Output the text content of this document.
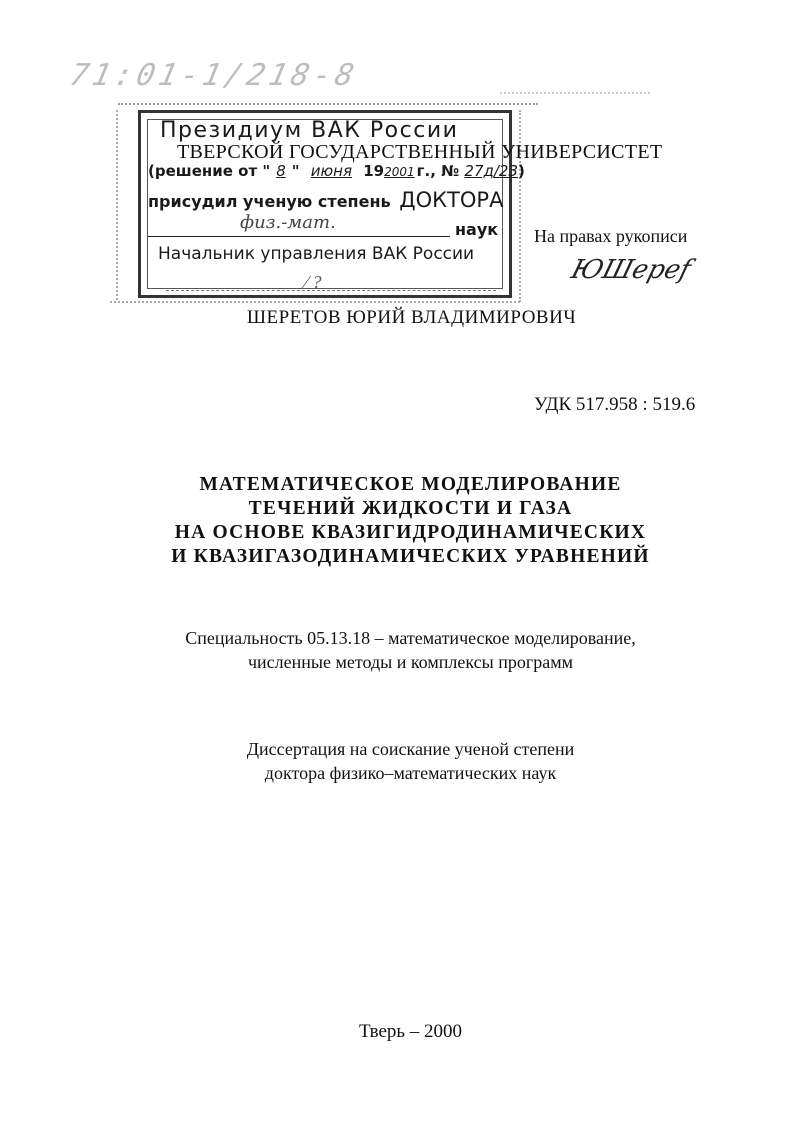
71:01-1/218-8
Президиум ВАК России
ТВЕРСКОЙ ГОСУДАРСТВЕННЫЙ УНИВЕРСИСТЕТ
(решение от " 8 " июня 192001 г., № 27д/23)
присудил ученую степень ДОКТОРА
физ.-мат.	наук
Начальник управления ВАК России
⁄ ?
На правах рукописи
ЮШереf
ШЕРЕТОВ ЮРИЙ ВЛАДИМИРОВИЧ
УДК 517.958 : 519.6
МАТЕМАТИЧЕСКОЕ МОДЕЛИРОВАНИЕ
ТЕЧЕНИЙ ЖИДКОСТИ И ГАЗА
НА ОСНОВЕ КВАЗИГИДРОДИНАМИЧЕСКИХ
И КВАЗИГАЗОДИНАМИЧЕСКИХ УРАВНЕНИЙ
Специальность 05.13.18 – математическое моделирование,
численные методы и комплексы программ
Диссертация на соискание ученой степени
доктора физико–математических наук
Тверь – 2000
